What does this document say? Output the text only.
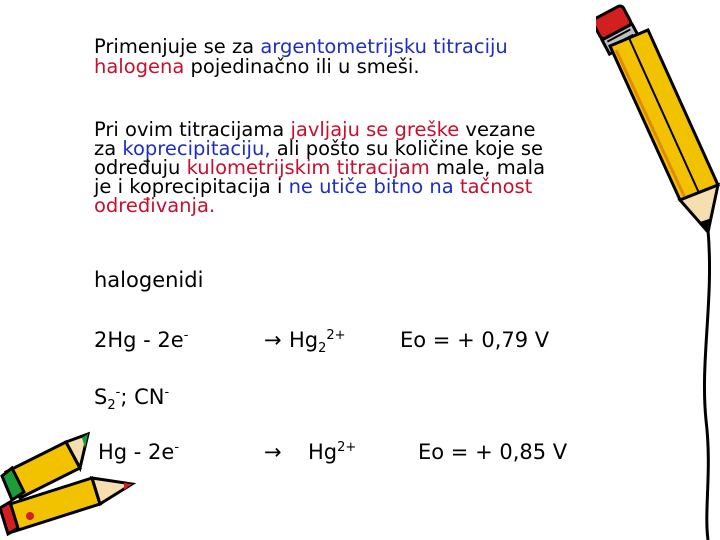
Primenjuje se za argentometrijsku titraciju
halogena pojedinačno ili u smeši.
Pri ovim titracijama javljaju se greške vezane
za koprecipitaciju, ali pošto su količine koje se
određuju kulometrijskim titracijam male, mala
je i koprecipitacija i ne utiče bitno na tačnost
određivanja.
halogenidi
2Hg - 2e-	→ $Hg_2^{2+}$	Eo = + 0,79 V
$S_2^-$; CN-
Hg - 2e-	→ $Hg^{2+}$	Eo = + 0,85 V
